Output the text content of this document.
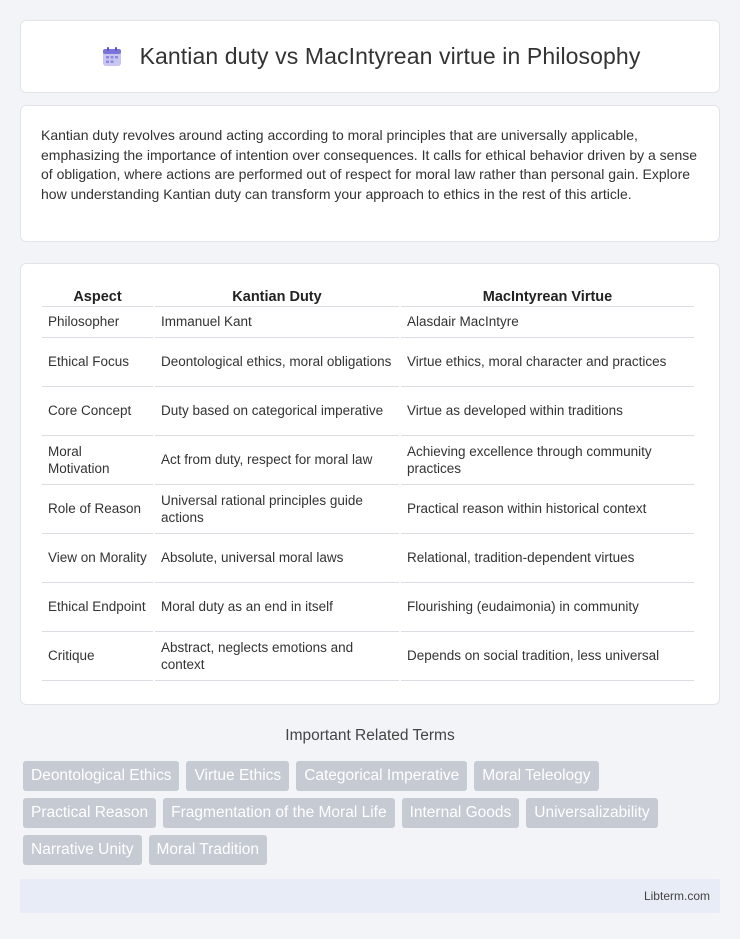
Kantian duty vs MacIntyrean virtue in Philosophy

Kantian duty revolves around acting according to moral principles that are universally applicable, emphasizing the importance of intention over consequences. It calls for ethical behavior driven by a sense of obligation, where actions are performed out of respect for moral law rather than personal gain. Explore how understanding Kantian duty can transform your approach to ethics in the rest of this article.

Aspect	Kantian Duty	MacIntyrean Virtue
Philosopher	Immanuel Kant	Alasdair MacIntyre
Ethical Focus	Deontological ethics, moral obligations	Virtue ethics, moral character and practices
Core Concept	Duty based on categorical imperative	Virtue as developed within traditions
Moral Motivation	Act from duty, respect for moral law	Achieving excellence through community practices
Role of Reason	Universal rational principles guide actions	Practical reason within historical context
View on Morality	Absolute, universal moral laws	Relational, tradition-dependent virtues
Ethical Endpoint	Moral duty as an end in itself	Flourishing (eudaimonia) in community
Critique	Abstract, neglects emotions and context	Depends on social tradition, less universal
Important Related Terms
Deontological Ethics	Virtue Ethics	Categorical Imperative	Moral Teleology
Practical Reason	Fragmentation of the Moral Life	Internal Goods	Universalizability
Narrative Unity	Moral Tradition
Libterm.com
